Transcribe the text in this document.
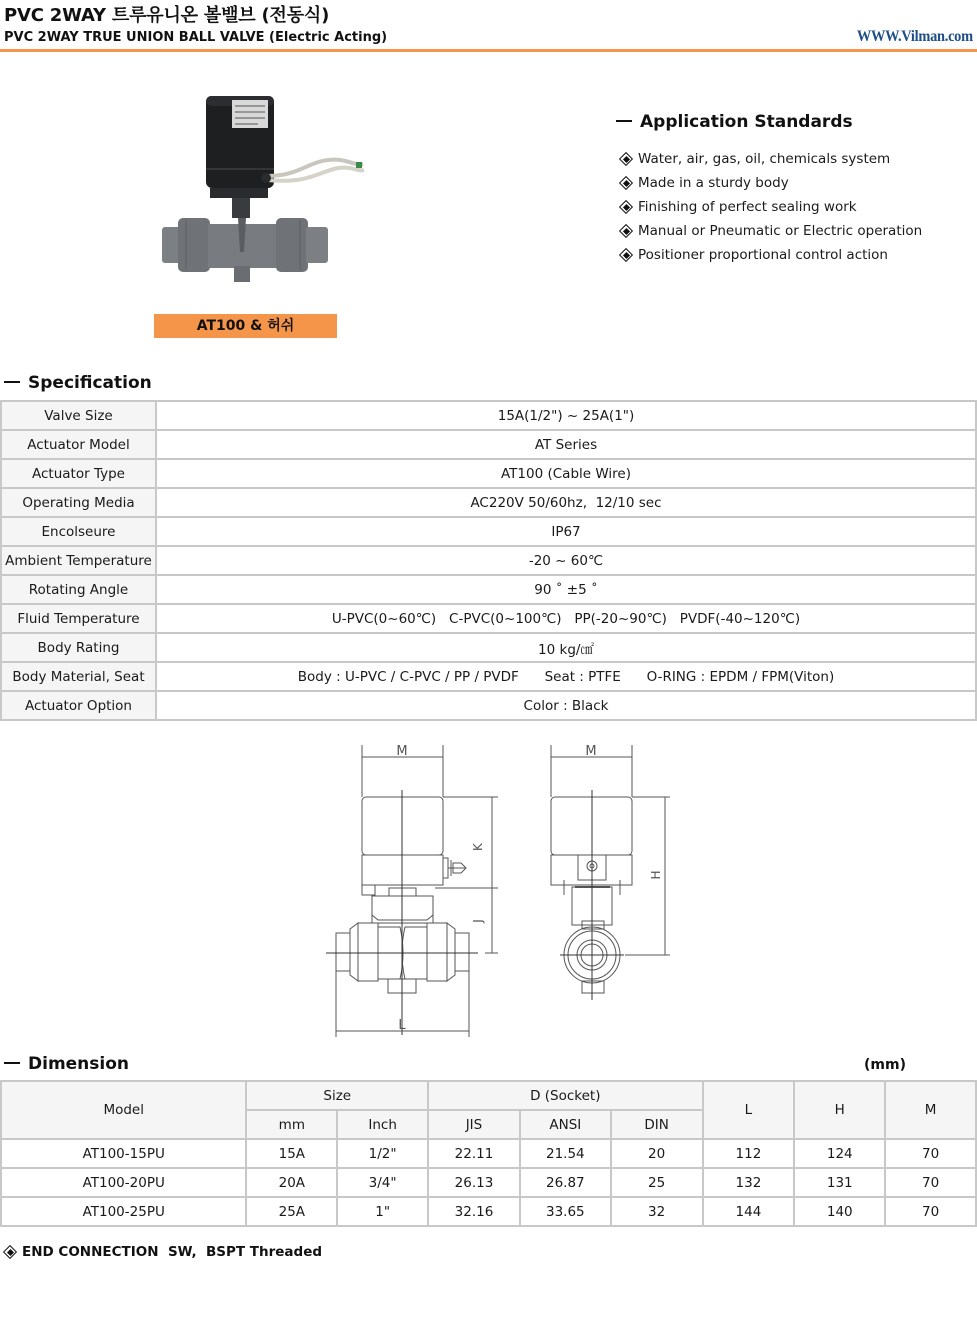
PVC 2WAY 트루유니온 볼밸브 (전동식)
PVC 2WAY TRUE UNION BALL VALVE (Electric Acting)	WWW.Vilman.com
AT100 & 허쉬
Application Standards
Water, air, gas, oil, chemicals system
Made in a sturdy body
Finishing of perfect sealing work
Manual or Pneumatic or Electric operation
Positioner proportional control action
Specification
Valve Size	15A(1/2") ~ 25A(1")
Actuator Model	AT Series
Actuator Type	AT100 (Cable Wire)
Operating Media	AC220V 50/60hz,  12/10 sec
Encolseure	IP67
Ambient Temperature	-20 ~ 60℃
Rotating Angle	90 ˚ ±5 ˚
Fluid Temperature	U-PVC(0~60℃)   C-PVC(0~100℃)   PP(-20~90℃)   PVDF(-40~120℃)
Body Rating	10 kg/㎠
Body Material, Seat	Body : U-PVC / C-PVC / PP / PVDF      Seat : PTFE      O-RING : EPDM / FPM(Viton)
Actuator Option	Color : Black
M
K
J
L
M
H
Dimension	(mm)
Model	Size		D (Socket)			L	H	M
	mm	Inch	JIS	ANSI	DIN			
AT100-15PU	15A	1/2"	22.11	21.54	20	112	124	70
AT100-20PU	20A	3/4"	26.13	26.87	25	132	131	70
AT100-25PU	25A	1"	32.16	33.65	32	144	140	70
END CONNECTION  SW,  BSPT Threaded
